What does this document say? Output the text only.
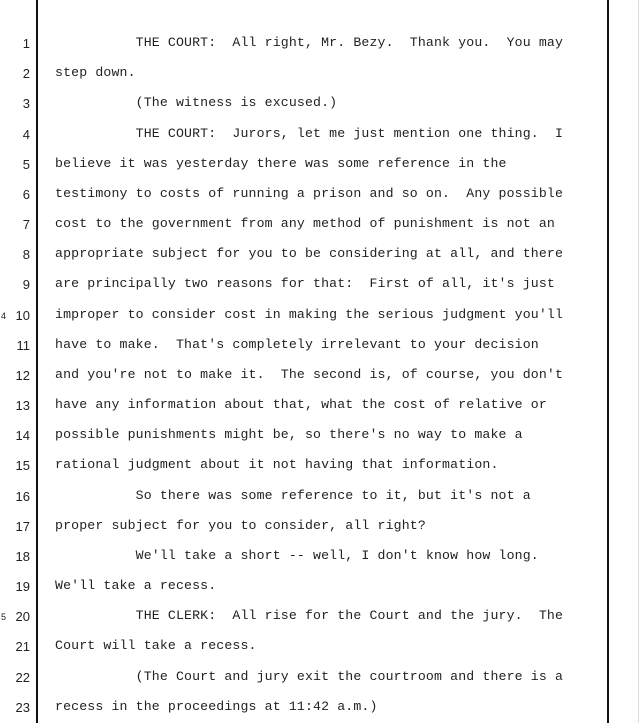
1 THE COURT:  All right, Mr. Bezy.  Thank you.  You may
2 step down.
3 (The witness is excused.)
4 THE COURT:  Jurors, let me just mention one thing.  I
5 believe it was yesterday there was some reference in the
6 testimony to costs of running a prison and so on.  Any possible
7 cost to the government from any method of punishment is not an
8 appropriate subject for you to be considering at all, and there
9 are principally two reasons for that:  First of all, it's just
4 10 improper to consider cost in making the serious judgment you'll
11 have to make.  That's completely irrelevant to your decision
12 and you're not to make it.  The second is, of course, you don't
13 have any information about that, what the cost of relative or
14 possible punishments might be, so there's no way to make a
15 rational judgment about it not having that information.
16 So there was some reference to it, but it's not a
17 proper subject for you to consider, all right?
18 We'll take a short -- well, I don't know how long.
19 We'll take a recess.
5 20 THE CLERK:  All rise for the Court and the jury.  The
21 Court will take a recess.
22 (The Court and jury exit the courtroom and there is a
23 recess in the proceedings at 11:42 a.m.)
